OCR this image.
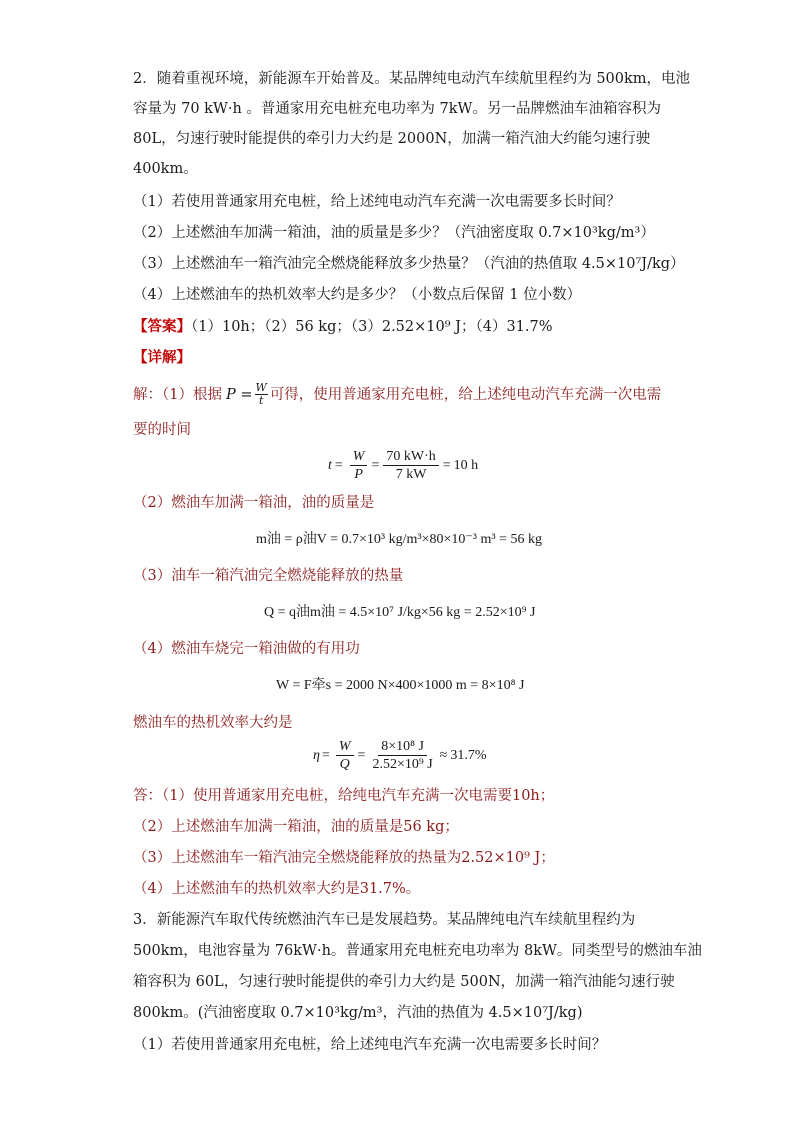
2．随着重视环境，新能源车开始普及。某品牌纯电动汽车续航里程约为 500km，电池
容量为 70 kW·h 。普通家用充电桩充电功率为 7kW。另一品牌燃油车油箱容积为
80L，匀速行驶时能提供的牵引力大约是 2000N，加满一箱汽油大约能匀速行驶
400km。
（1）若使用普通家用充电桩，给上述纯电动汽车充满一次电需要多长时间？
（2）上述燃油车加满一箱油，油的质量是多少？（汽油密度取 0.7×10³kg/m³）
（3）上述燃油车一箱汽油完全燃烧能释放多少热量？（汽油的热值取 4.5×10⁷J/kg）
（4）上述燃油车的热机效率大约是多少？（小数点后保留 1 位小数）
【答案】（1）10h；（2）56 kg；（3）2.52×10⁹ J；（4）31.7%
【详解】
解：（1）根据 $P = \frac{W}{t}$ 可得，使用普通家用充电桩，给上述纯电动汽车充满一次电需
要的时间
$t = \frac{W}{P} = \frac{70 kW\cdot h}{7 kW} = 10$ h
（2）燃油车加满一箱油，油的质量是
m油 = ρ油V = 0.7×10³ kg/m³×80×10⁻³ m³ = 56 kg
（3）油车一箱汽油完全燃烧能释放的热量
Q = q油m油 = 4.5×10⁷ J/kg×56 kg = 2.52×10⁹ J
（4）燃油车烧完一箱油做的有用功
W = F牵s = 2000 N×400×1000 m = 8×10⁸ J
燃油车的热机效率大约是
$\eta = \frac{W}{Q} = \frac{\text{8×10⁸ J}}{\text{2.52×10⁹ J}} \approx 31.7\%$
答：（1）使用普通家用充电桩，给纯电汽车充满一次电需要10h；
（2）上述燃油车加满一箱油，油的质量是56 kg；
（3）上述燃油车一箱汽油完全燃烧能释放的热量为2.52×10⁹ J；
（4）上述燃油车的热机效率大约是31.7%。
3．新能源汽车取代传统燃油汽车已是发展趋势。某品牌纯电汽车续航里程约为
500km，电池容量为 76kW·h。普通家用充电桩充电功率为 8kW。同类型号的燃油车油
箱容积为 60L，匀速行驶时能提供的牵引力大约是 500N，加满一箱汽油能匀速行驶
800km。(汽油密度取 0.7×10³kg/m³，汽油的热值为 4.5×10⁷J/kg)
（1）若使用普通家用充电桩，给上述纯电汽车充满一次电需要多长时间？
